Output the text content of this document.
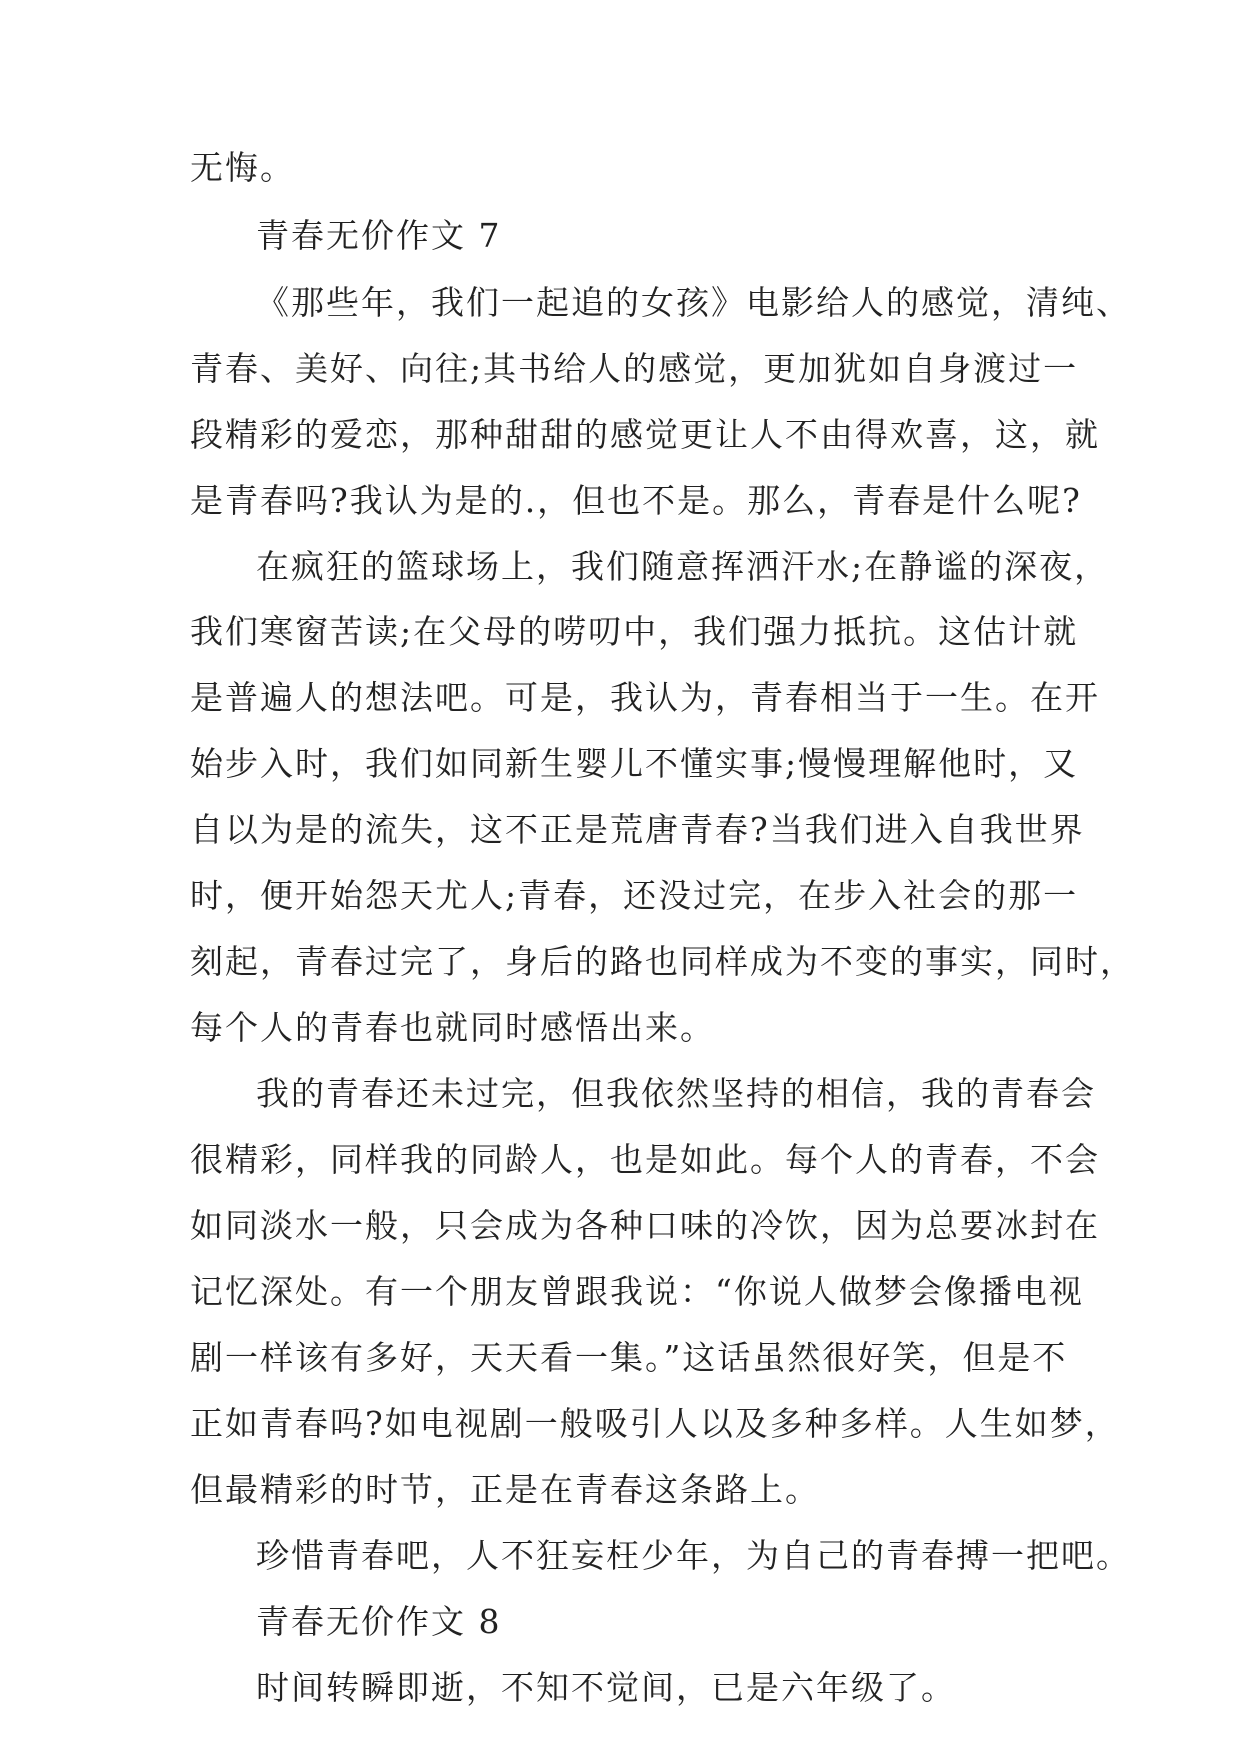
无悔。
青春无价作文 7
《那些年，我们一起追的女孩》电影给人的感觉，清纯、
青春、美好、向往;其书给人的感觉，更加犹如自身渡过一
段精彩的爱恋，那种甜甜的感觉更让人不由得欢喜，这，就
是青春吗?我认为是的.，但也不是。那么，青春是什么呢?
在疯狂的篮球场上，我们随意挥洒汗水;在静谧的深夜，
我们寒窗苦读;在父母的唠叨中，我们强力抵抗。这估计就
是普遍人的想法吧。可是，我认为，青春相当于一生。在开
始步入时，我们如同新生婴儿不懂实事;慢慢理解他时，又
自以为是的流失，这不正是荒唐青春?当我们进入自我世界
时，便开始怨天尤人;青春，还没过完，在步入社会的那一
刻起，青春过完了，身后的路也同样成为不变的事实，同时，
每个人的青春也就同时感悟出来。
我的青春还未过完，但我依然坚持的相信，我的青春会
很精彩，同样我的同龄人，也是如此。每个人的青春，不会
如同淡水一般，只会成为各种口味的冷饮，因为总要冰封在
记忆深处。有一个朋友曾跟我说：“你说人做梦会像播电视
剧一样该有多好，天天看一集。”这话虽然很好笑，但是不
正如青春吗?如电视剧一般吸引人以及多种多样。人生如梦，
但最精彩的时节，正是在青春这条路上。
珍惜青春吧，人不狂妄枉少年，为自己的青春搏一把吧。
青春无价作文 8
时间转瞬即逝，不知不觉间，已是六年级了。
